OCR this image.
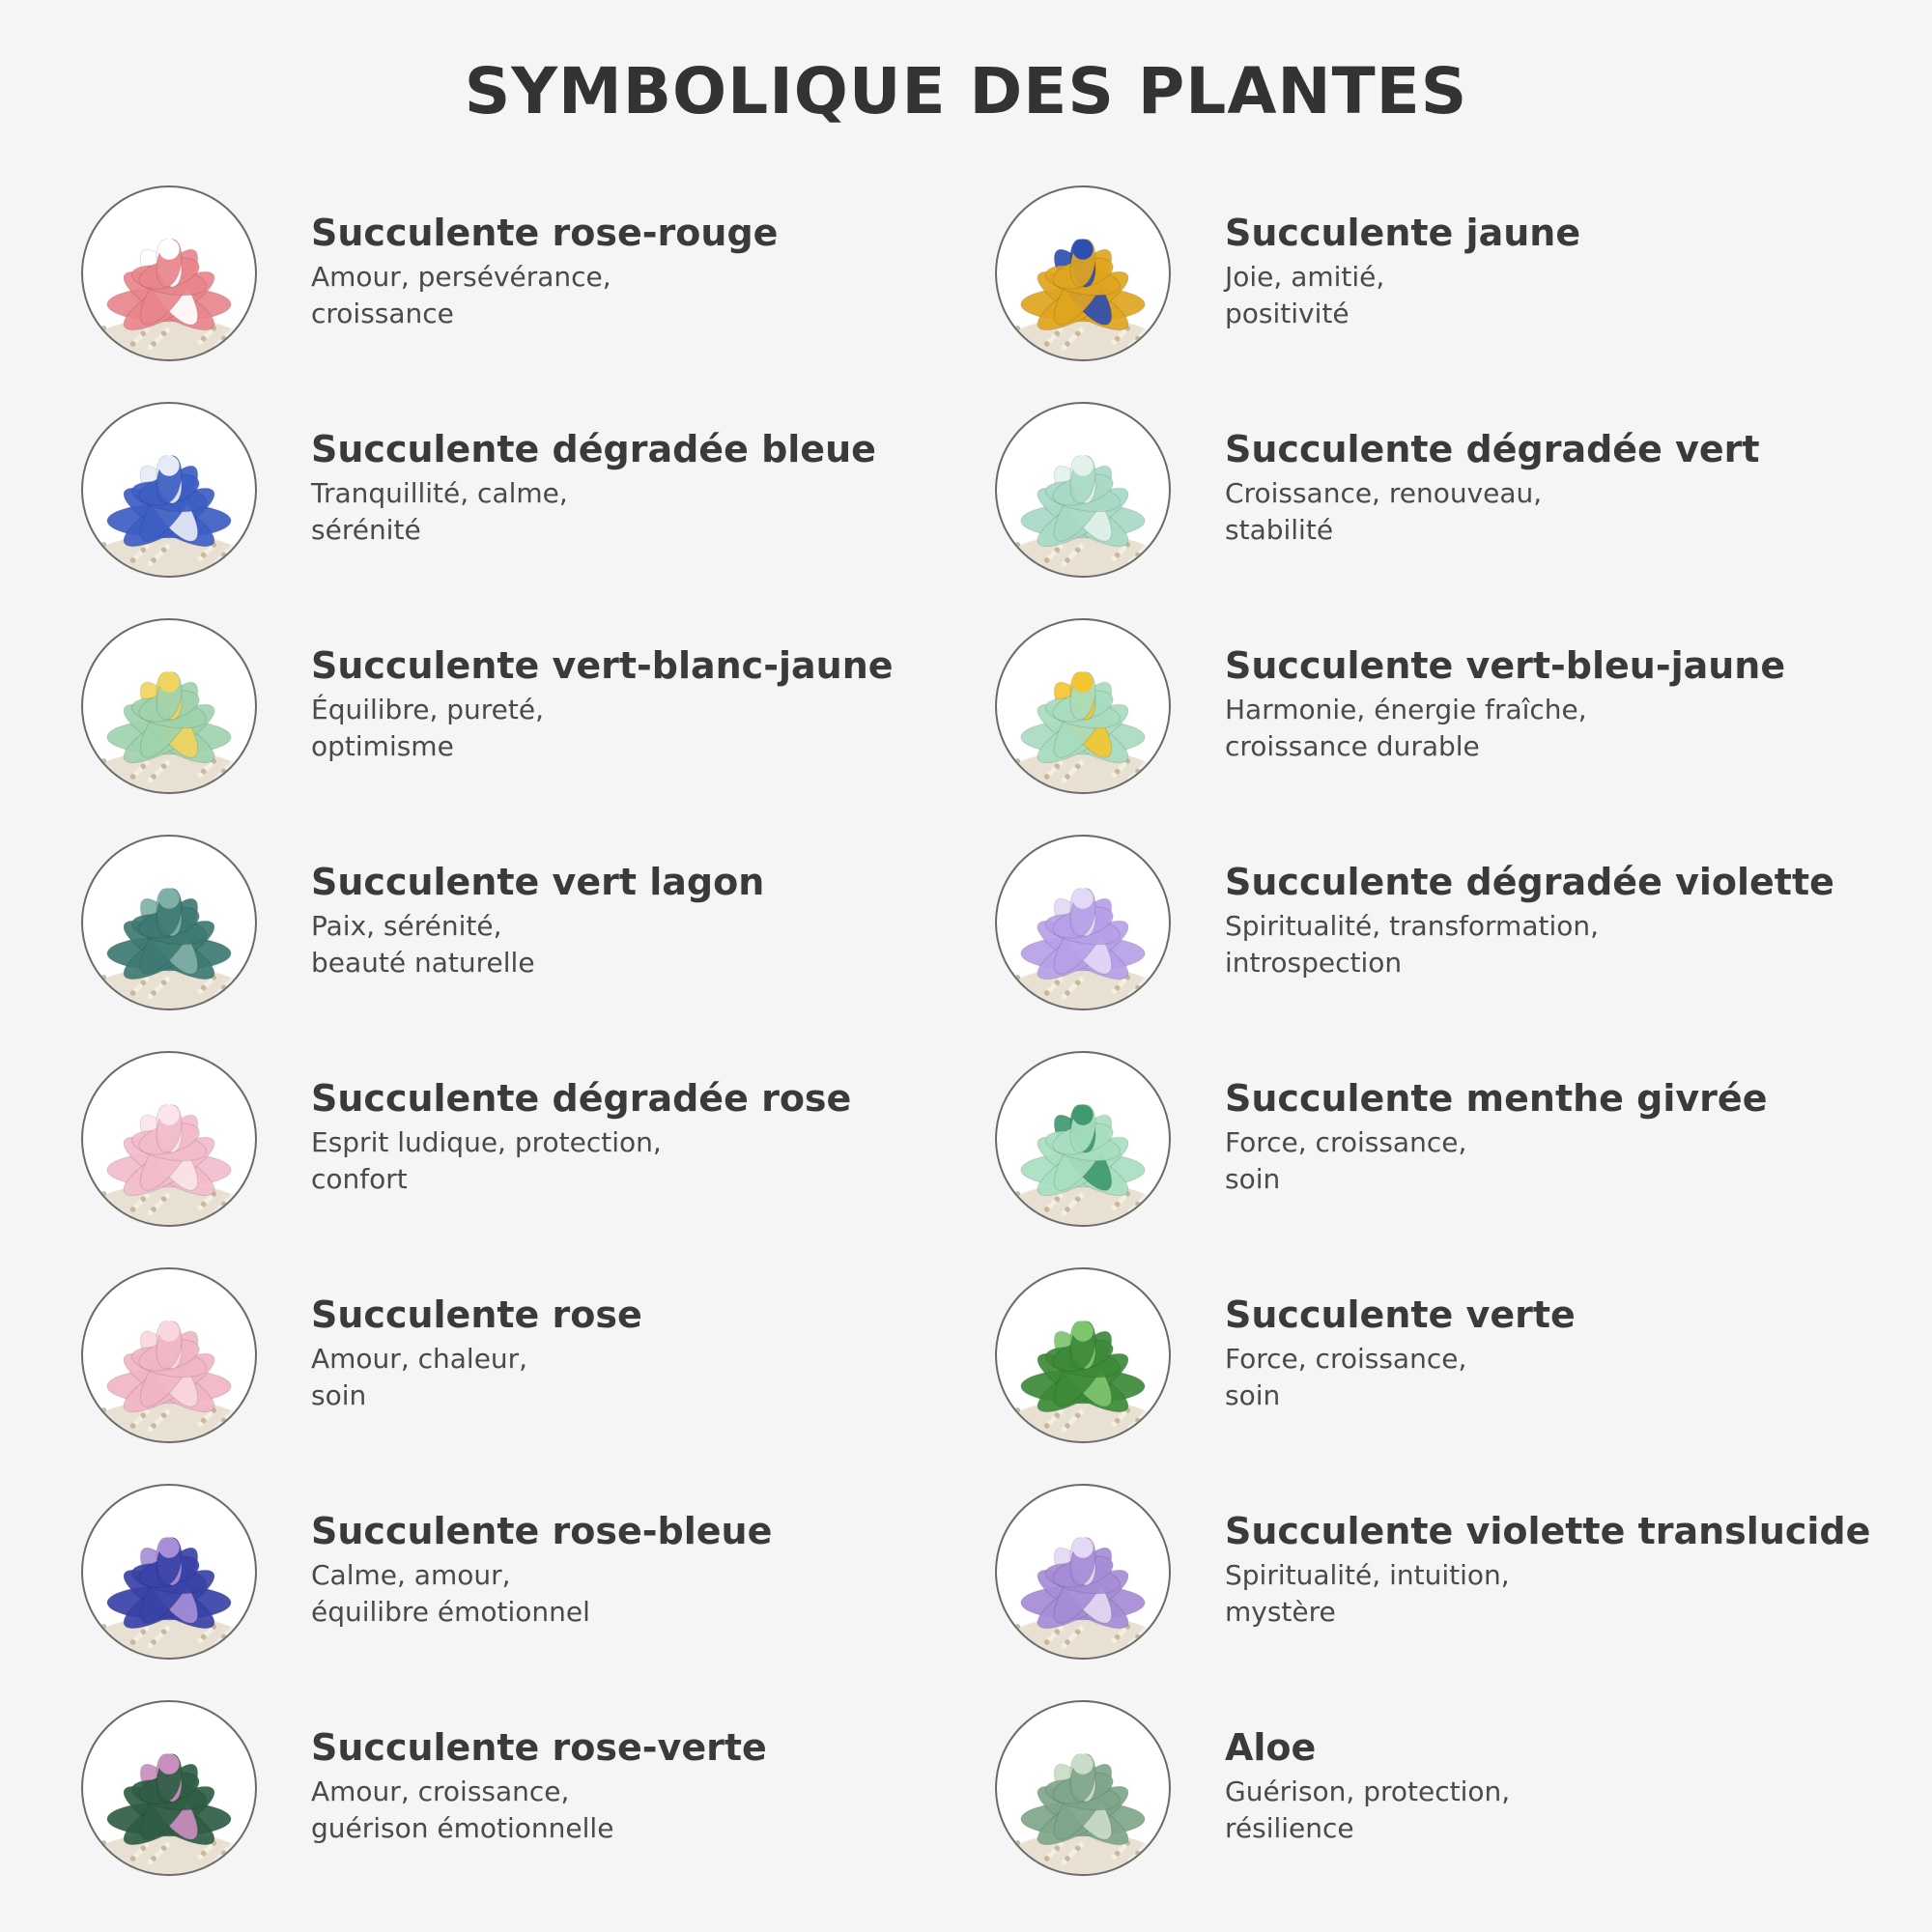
SYMBOLIQUE DES PLANTES
Succulente rose-rouge
Amour, persévérance,
croissance
Succulente dégradée bleue
Tranquillité, calme,
sérénité
Succulente vert-blanc-jaune
Équilibre, pureté,
optimisme
Succulente vert lagon
Paix, sérénité,
beauté naturelle
Succulente dégradée rose
Esprit ludique, protection,
confort
Succulente rose
Amour, chaleur,
soin
Succulente rose-bleue
Calme, amour,
équilibre émotionnel
Succulente rose-verte
Amour, croissance,
guérison émotionnelle
Succulente jaune
Joie, amitié,
positivité
Succulente dégradée vert
Croissance, renouveau,
stabilité
Succulente vert-bleu-jaune
Harmonie, énergie fraîche,
croissance durable
Succulente dégradée violette
Spiritualité, transformation,
introspection
Succulente menthe givrée
Force, croissance,
soin
Succulente verte
Force, croissance,
soin
Succulente violette translucide
Spiritualité, intuition,
mystère
Aloe
Guérison, protection,
résilience
